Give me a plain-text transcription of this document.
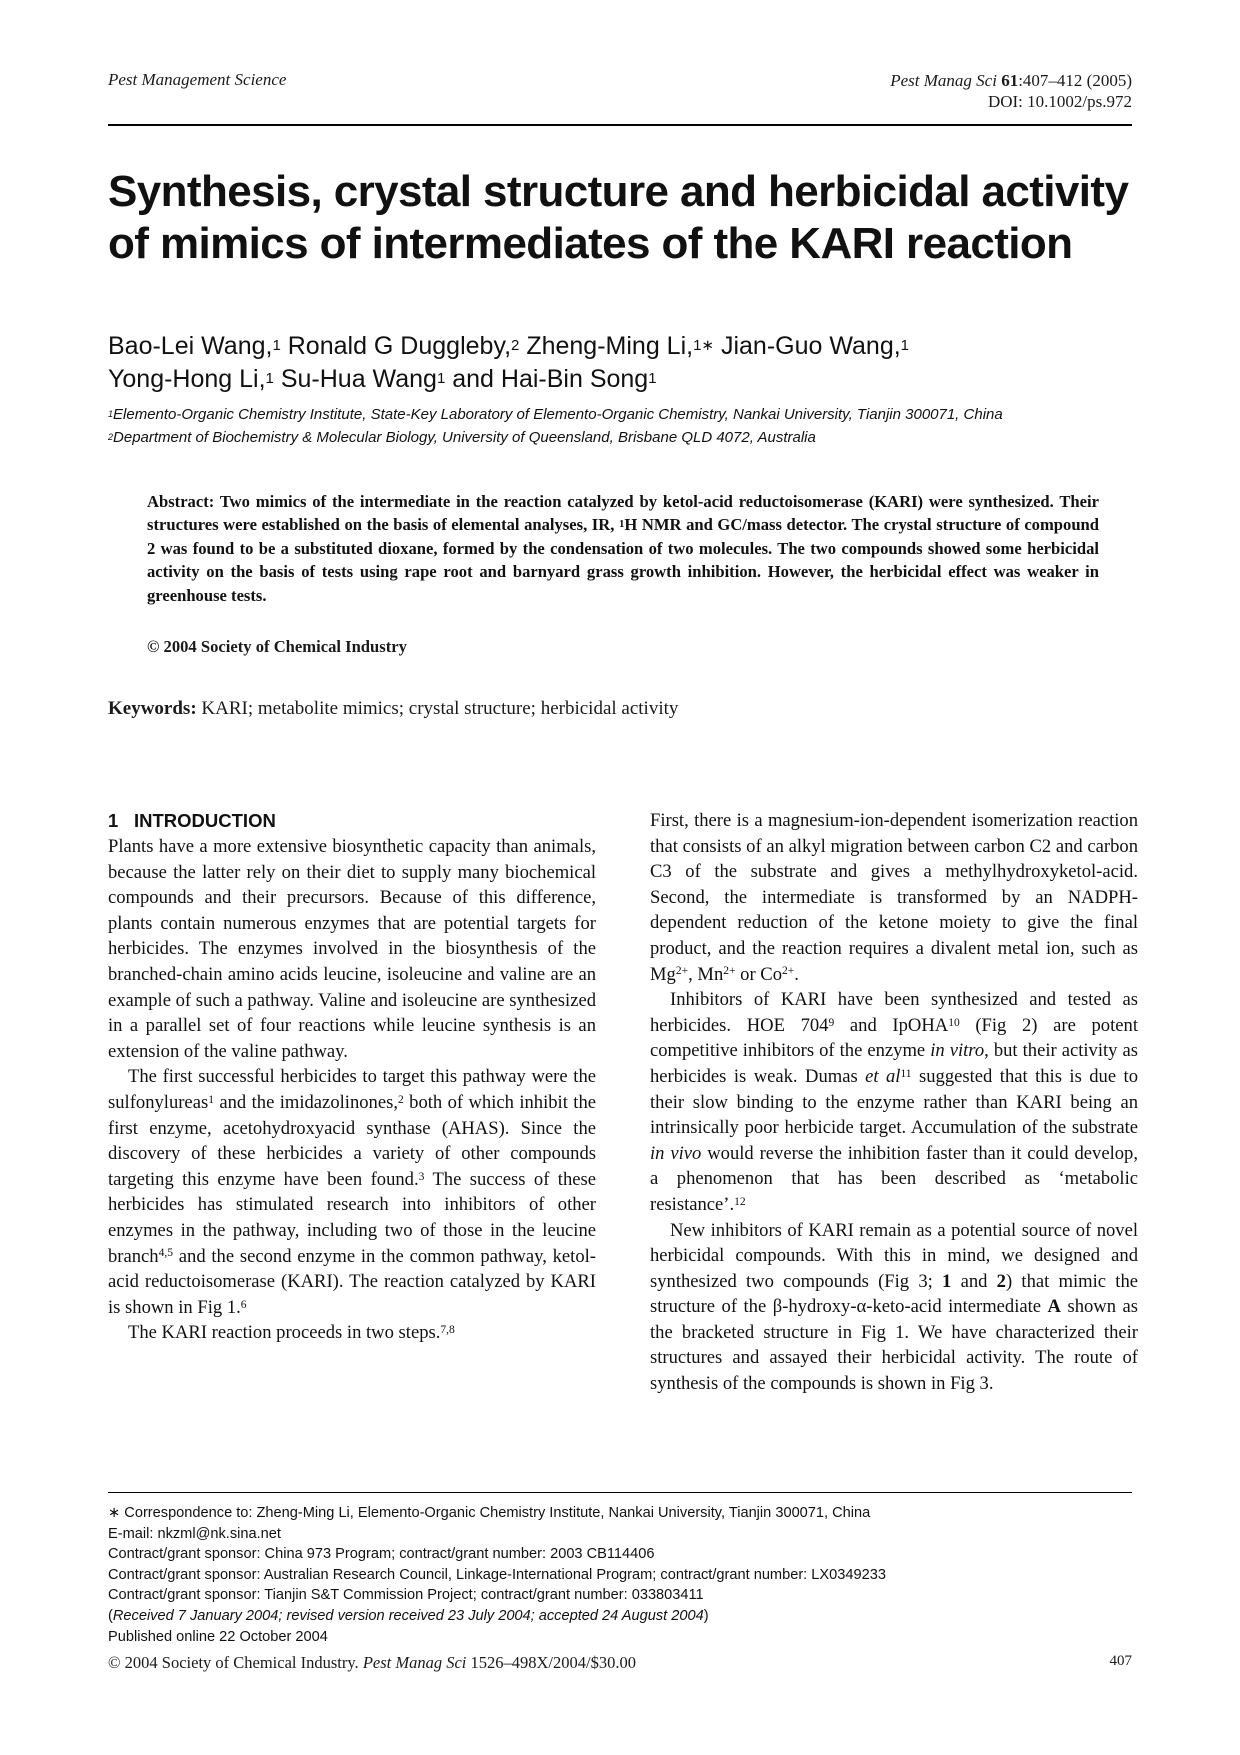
Pest Management Science	Pest Manag Sci 61:407–412 (2005)
DOI: 10.1002/ps.972
Synthesis, crystal structure and herbicidal activity of mimics of intermediates of the KARI reaction

Bao-Lei Wang,$^1$ Ronald G Duggleby,$^2$ Zheng-Ming Li,$^{1∗}$ Jian-Guo Wang,$^1$
Yong-Hong Li,$^1$ Su-Hua Wang$^1$ and Hai-Bin Song$^1$

$^1$Elemento-Organic Chemistry Institute, State-Key Laboratory of Elemento-Organic Chemistry, Nankai University, Tianjin 300071, China

$^2$Department of Biochemistry & Molecular Biology, University of Queensland, Brisbane QLD 4072, Australia

Abstract: Two mimics of the intermediate in the reaction catalyzed by ketol-acid reductoisomerase (KARI) were synthesized. Their structures were established on the basis of elemental analyses, IR, $^1$H NMR and GC/mass detector. The crystal structure of compound 2 was found to be a substituted dioxane, formed by the condensation of two molecules. The two compounds showed some herbicidal activity on the basis of tests using rape root and barnyard grass growth inhibition. However, the herbicidal effect was weaker in greenhouse tests.

© 2004 Society of Chemical Industry

Keywords: KARI; metabolite mimics; crystal structure; herbicidal activity

1 INTRODUCTION

Plants have a more extensive biosynthetic capacity than animals, because the latter rely on their diet to supply many biochemical compounds and their precursors. Because of this difference, plants contain numerous enzymes that are potential targets for herbicides. The enzymes involved in the biosynthesis of the branched-chain amino acids leucine, isoleucine and valine are an example of such a pathway. Valine and isoleucine are synthesized in a parallel set of four reactions while leucine synthesis is an extension of the valine pathway.

The first successful herbicides to target this pathway were the sulfonylureas$^1$ and the imidazolinones,$^2$ both of which inhibit the first enzyme, acetohydroxyacid synthase (AHAS). Since the discovery of these herbicides a variety of other compounds targeting this enzyme have been found.$^3$ The success of these herbicides has stimulated research into inhibitors of other enzymes in the pathway, including two of those in the leucine branch$^{4,5}$ and the second enzyme in the common pathway, ketol-acid reductoisomerase (KARI). The reaction catalyzed by KARI is shown in Fig 1.$^6$

The KARI reaction proceeds in two steps.$^{7,8}$

First, there is a magnesium-ion-dependent isomerization reaction that consists of an alkyl migration between carbon C2 and carbon C3 of the substrate and gives a methylhydroxyketol-acid. Second, the intermediate is transformed by an NADPH-dependent reduction of the ketone moiety to give the final product, and the reaction requires a divalent metal ion, such as $Mg^{2+}$, $Mn^{2+}$ or $Co^{2+}$.

Inhibitors of KARI have been synthesized and tested as herbicides. HOE $704^9$ and IpOHA$^{10}$ (Fig 2) are potent competitive inhibitors of the enzyme in vitro, but their activity as herbicides is weak. Dumas et $al^{11}$ suggested that this is due to their slow binding to the enzyme rather than KARI being an intrinsically poor herbicide target. Accumulation of the substrate in vivo would reverse the inhibition faster than it could develop, a phenomenon that has been described as ‘metabolic resistance’.$^{12}$

New inhibitors of KARI remain as a potential source of novel herbicidal compounds. With this in mind, we designed and synthesized two compounds (Fig 3; 1 and 2) that mimic the structure of the β-hydroxy-α-keto-acid intermediate A shown as the bracketed structure in Fig 1. We have characterized their structures and assayed their herbicidal activity. The route of synthesis of the compounds is shown in Fig 3.

∗ Correspondence to: Zheng-Ming Li, Elemento-Organic Chemistry Institute, Nankai University, Tianjin 300071, China

E-mail: nkzml@nk.sina.net

Contract/grant sponsor: China 973 Program; contract/grant number: 2003 CB114406

Contract/grant sponsor: Australian Research Council, Linkage-International Program; contract/grant number: LX0349233

Contract/grant sponsor: Tianjin S&T Commission Project; contract/grant number: 033803411

(Received 7 January 2004; revised version received 23 July 2004; accepted 24 August 2004)

Published online 22 October 2004

© 2004 Society of Chemical Industry. Pest Manag Sci 1526–498X/2004/$30.00	407
